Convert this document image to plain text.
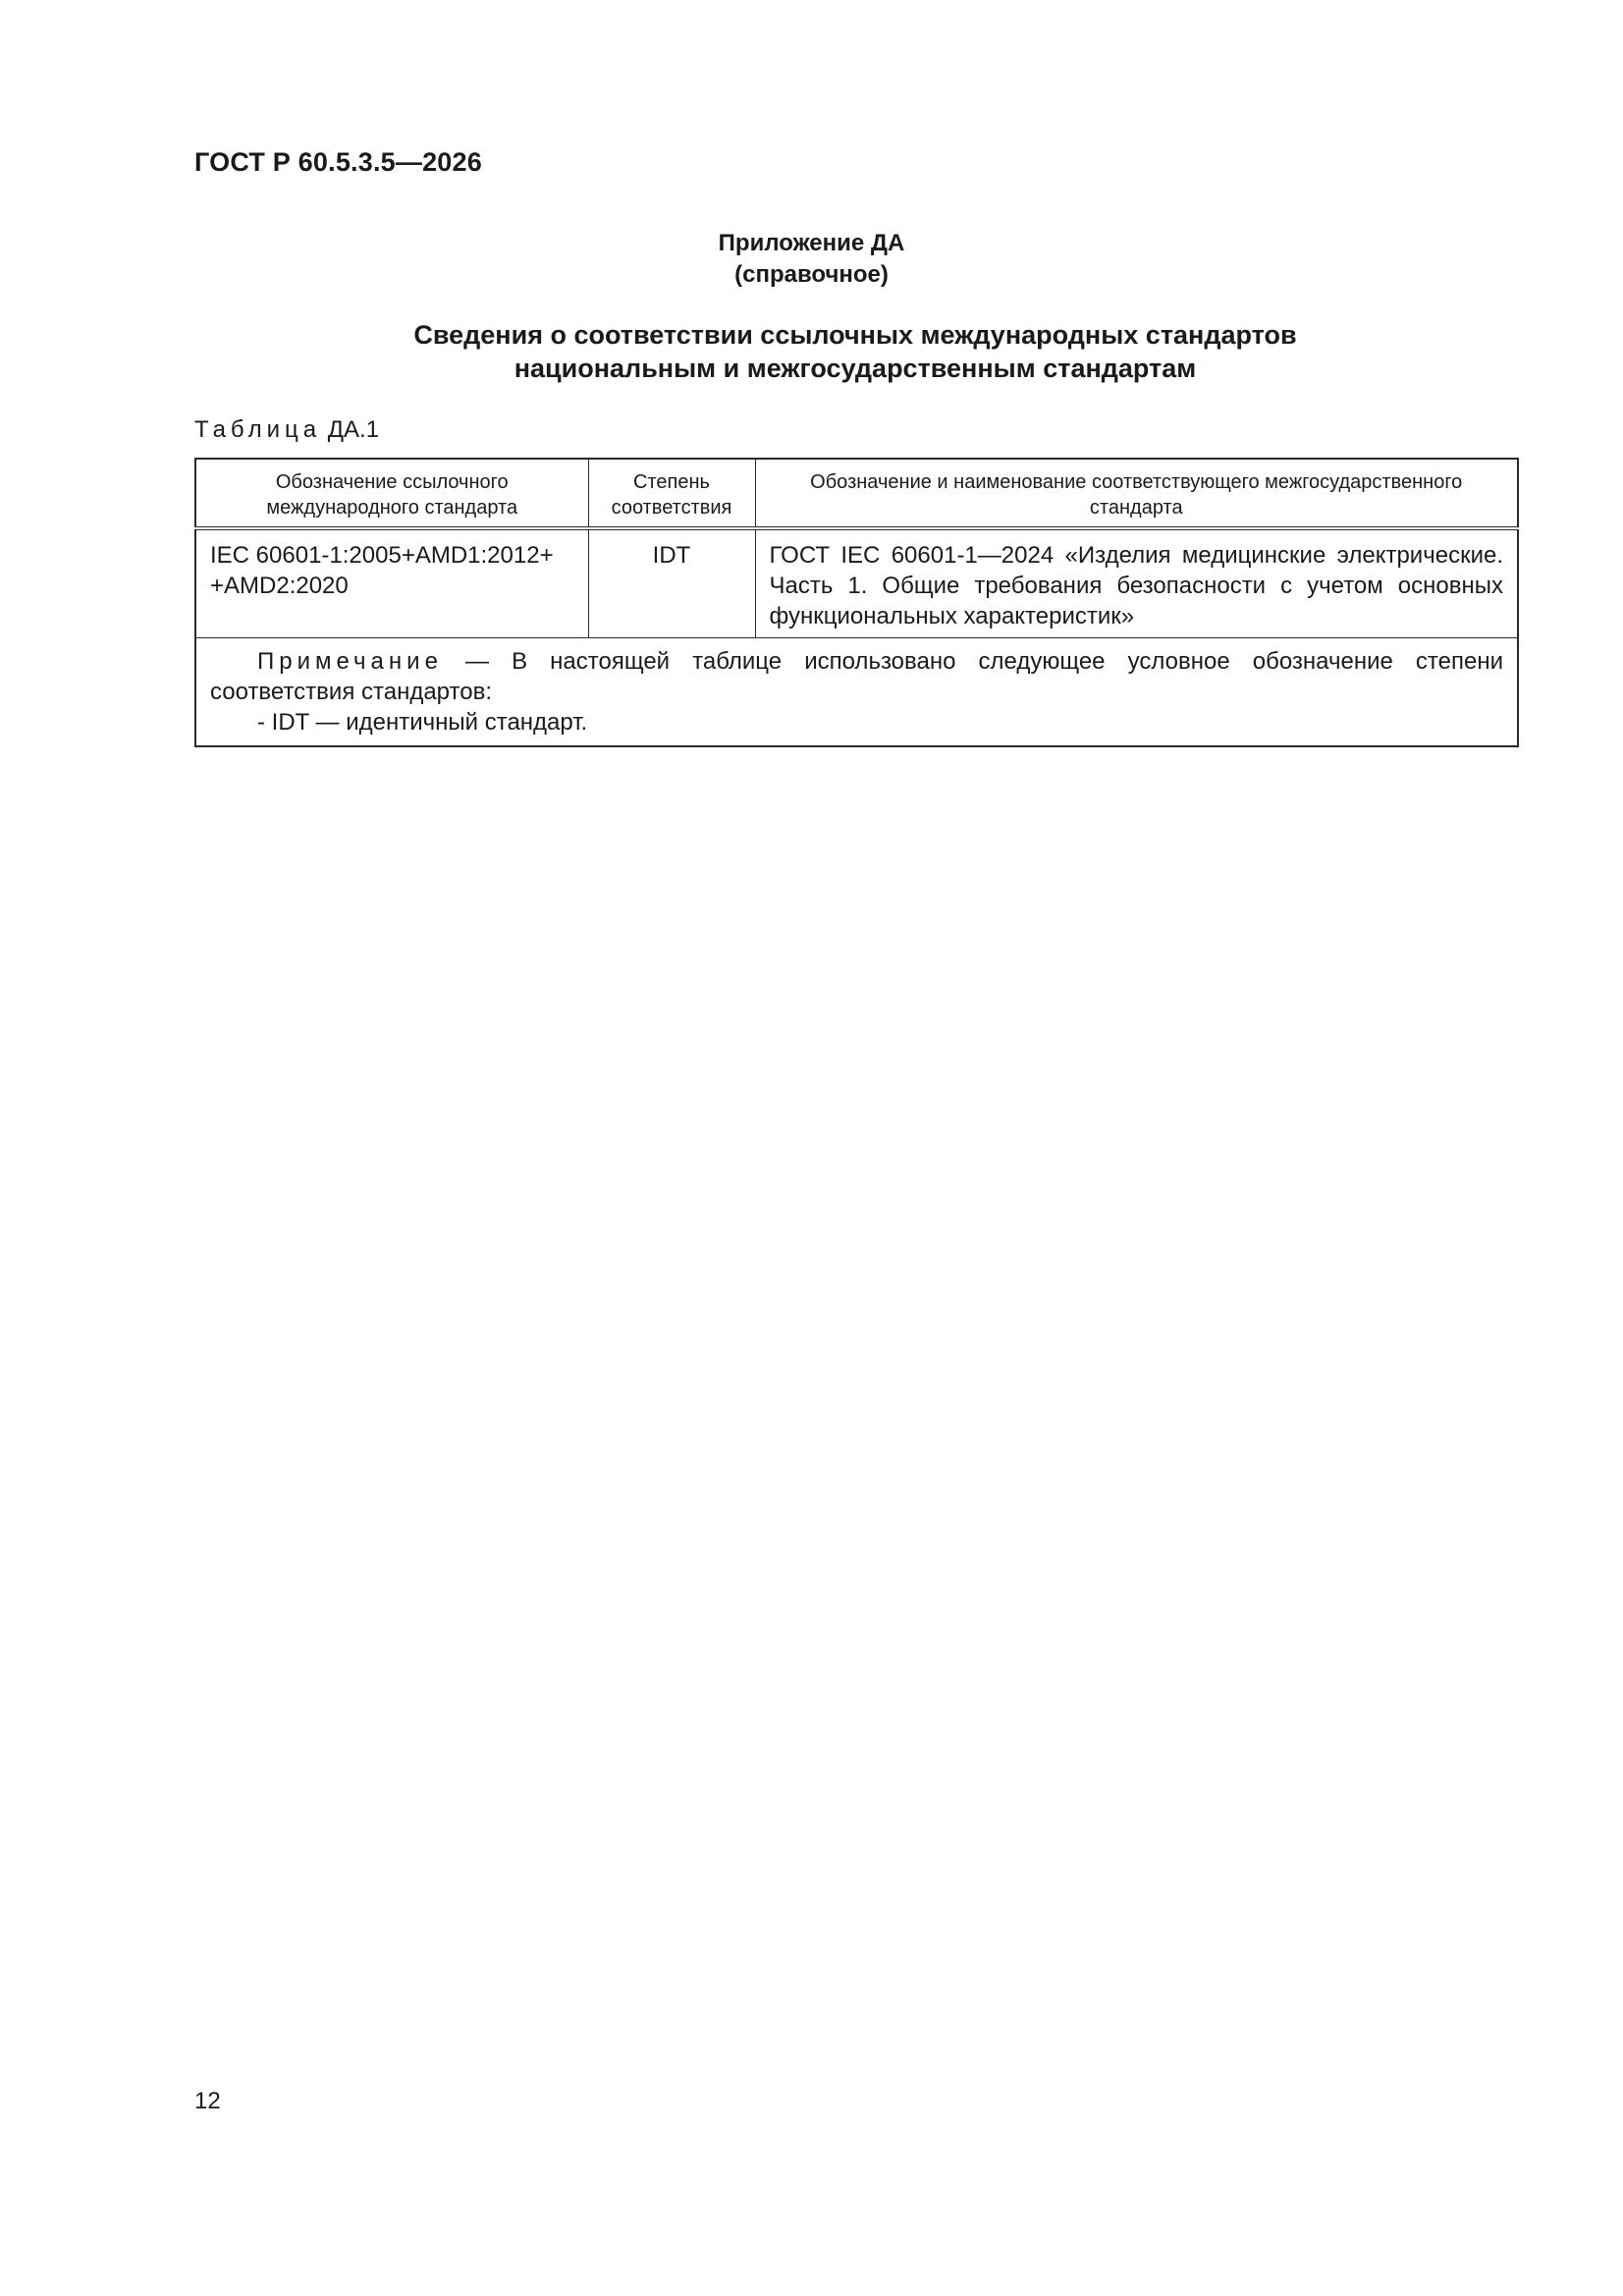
ГОСТ Р 60.5.3.5—2026
Приложение ДА
(справочное)
Сведения о соответствии ссылочных международных стандартов
национальным и межгосударственным стандартам
Таблица ДА.1
Обозначение ссылочного международного стандарта	Степень соответствия	Обозначение и наименование соответствующего межгосударственного стандарта
IEC 60601-1:2005+AMD1:2012+ +AMD2:2020	IDT	ГОСТ IEC 60601-1—2024 «Изделия медицинские электрические. Часть 1. Общие требования безопасности с учетом основных функциональных характеристик»

Примечание — В настоящей таблице использовано следующее условное обозначение степени соответствия стандартов:
- IDT — идентичный стандарт.		
12
